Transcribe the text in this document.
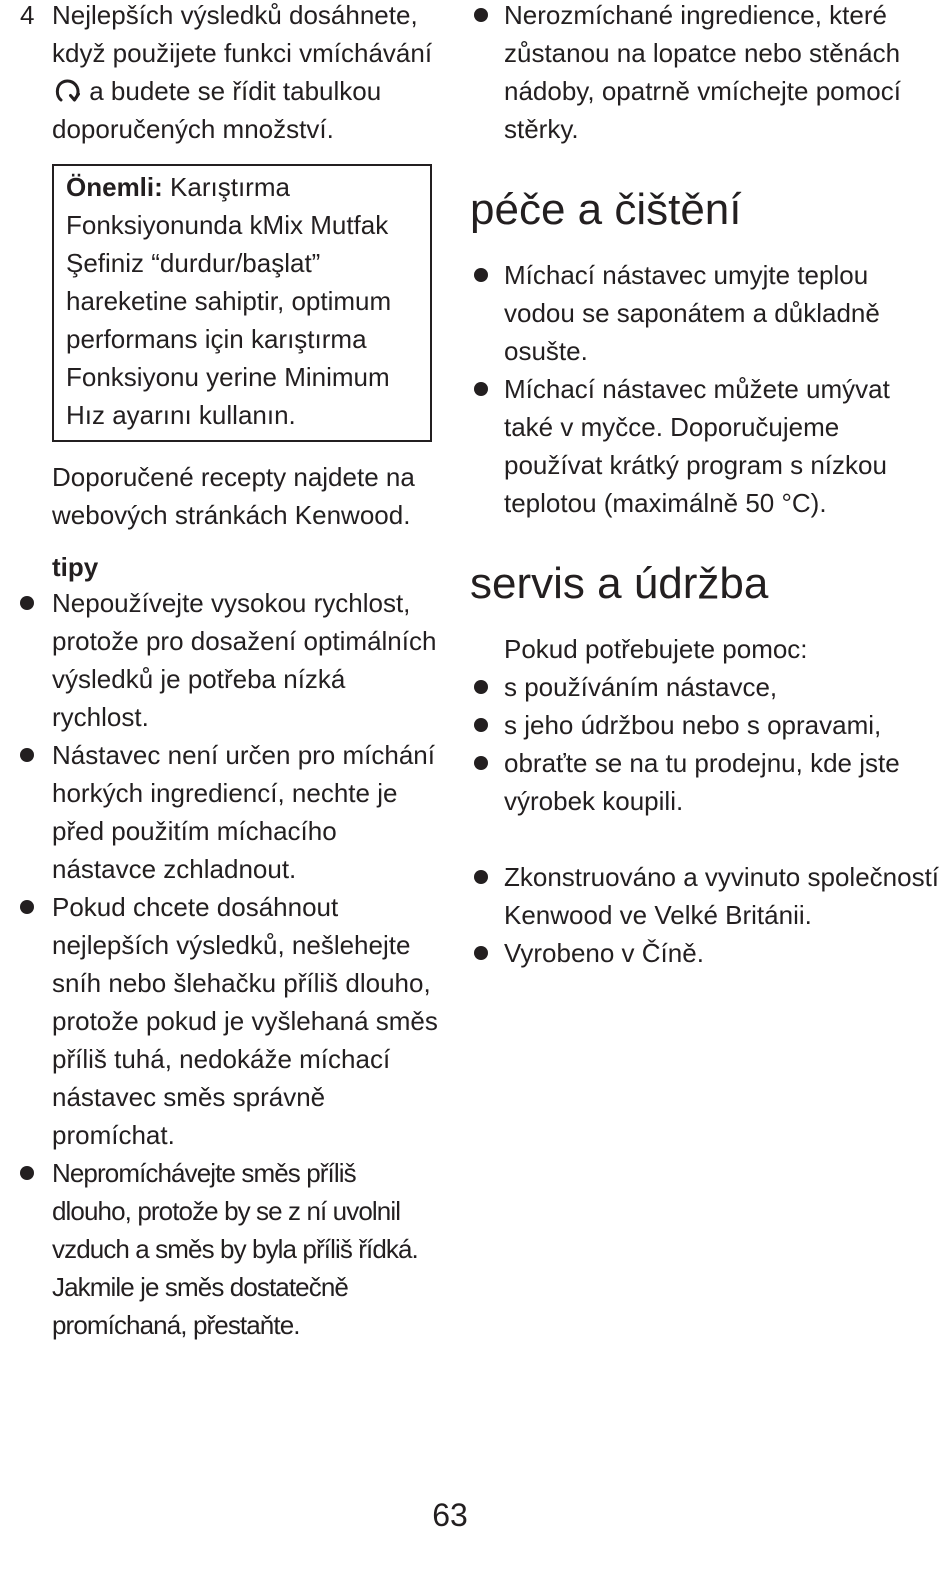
4 Nejlepších výsledků dosáhnete, když použijete funkci vmíchávání  a budete se řídit tabulkou doporučených množství.

Önemli: Karıştırma Fonksiyonunda kMix Mutfak Şefiniz “durdur/başlat” hareketine sahiptir, optimum performans için karıştırma Fonksiyonu yerine Minimum Hız ayarını kullanın.

Doporučené recepty najdete na webových stránkách Kenwood.

tipy
Nepoužívejte vysokou rychlost, protože pro dosažení optimálních výsledků je potřeba nízká rychlost.
Nástavec není určen pro míchání horkých ingrediencí, nechte je před použitím míchacího nástavce zchladnout.
Pokud chcete dosáhnout nejlepších výsledků, nešlehejte sníh nebo šlehačku příliš dlouho, protože pokud je vyšlehaná směs příliš tuhá, nedokáže míchací nástavec směs správně promíchat.
Nepromíchávejte směs příliš dlouho, protože by se z ní uvolnil vzduch a směs by byla příliš řídká. Jakmile je směs dostatečně promíchaná, přestaňte.
Nerozmíchané ingredience, které zůstanou na lopatce nebo stěnách nádoby, opatrně vmíchejte pomocí stěrky.
péče a čištění
Míchací nástavec umyjte teplou vodou se saponátem a důkladně osušte.
Míchací nástavec můžete umývat také v myčce. Doporučujeme používat krátký program s nízkou teplotou (maximálně 50 °C).
servis a údržba

Pokud potřebujete pomoc:

s používáním nástavce,
s jeho údržbou nebo s opravami,
obraťte se na tu prodejnu, kde jste výrobek koupili.
Zkonstruováno a vyvinuto společností Kenwood ve Velké Británii.
Vyrobeno v Číně.
63
